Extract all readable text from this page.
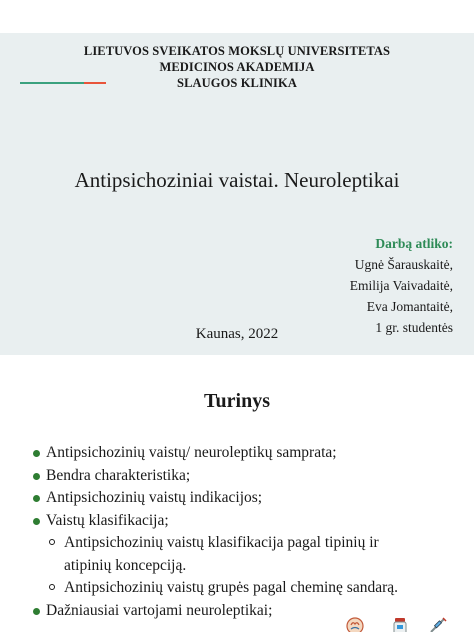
LIETUVOS SVEIKATOS MOKSLŲ UNIVERSITETAS
MEDICINOS AKADEMIJA
SLAUGOS KLINIKA
Antipsichoziniai vaistai. Neuroleptikai
Darbą atliko:
Ugnė Šarauskaitė,
Emilija Vaivadaitė,
Eva Jomantaitė,
1 gr. studentės
Kaunas, 2022
Turinys
Antipsichozinių vaistų/ neuroleptikų samprata;
Bendra charakteristika;
Antipsichozinių vaistų indikacijos;
Vaistų klasifikacija;
Antipsichozinių vaistų klasifikacija pagal tipinių ir atipinių koncepciją.
Antipsichozinių vaistų grupės pagal cheminę sandarą.
Dažniausiai vartojami neuroleptikai;
